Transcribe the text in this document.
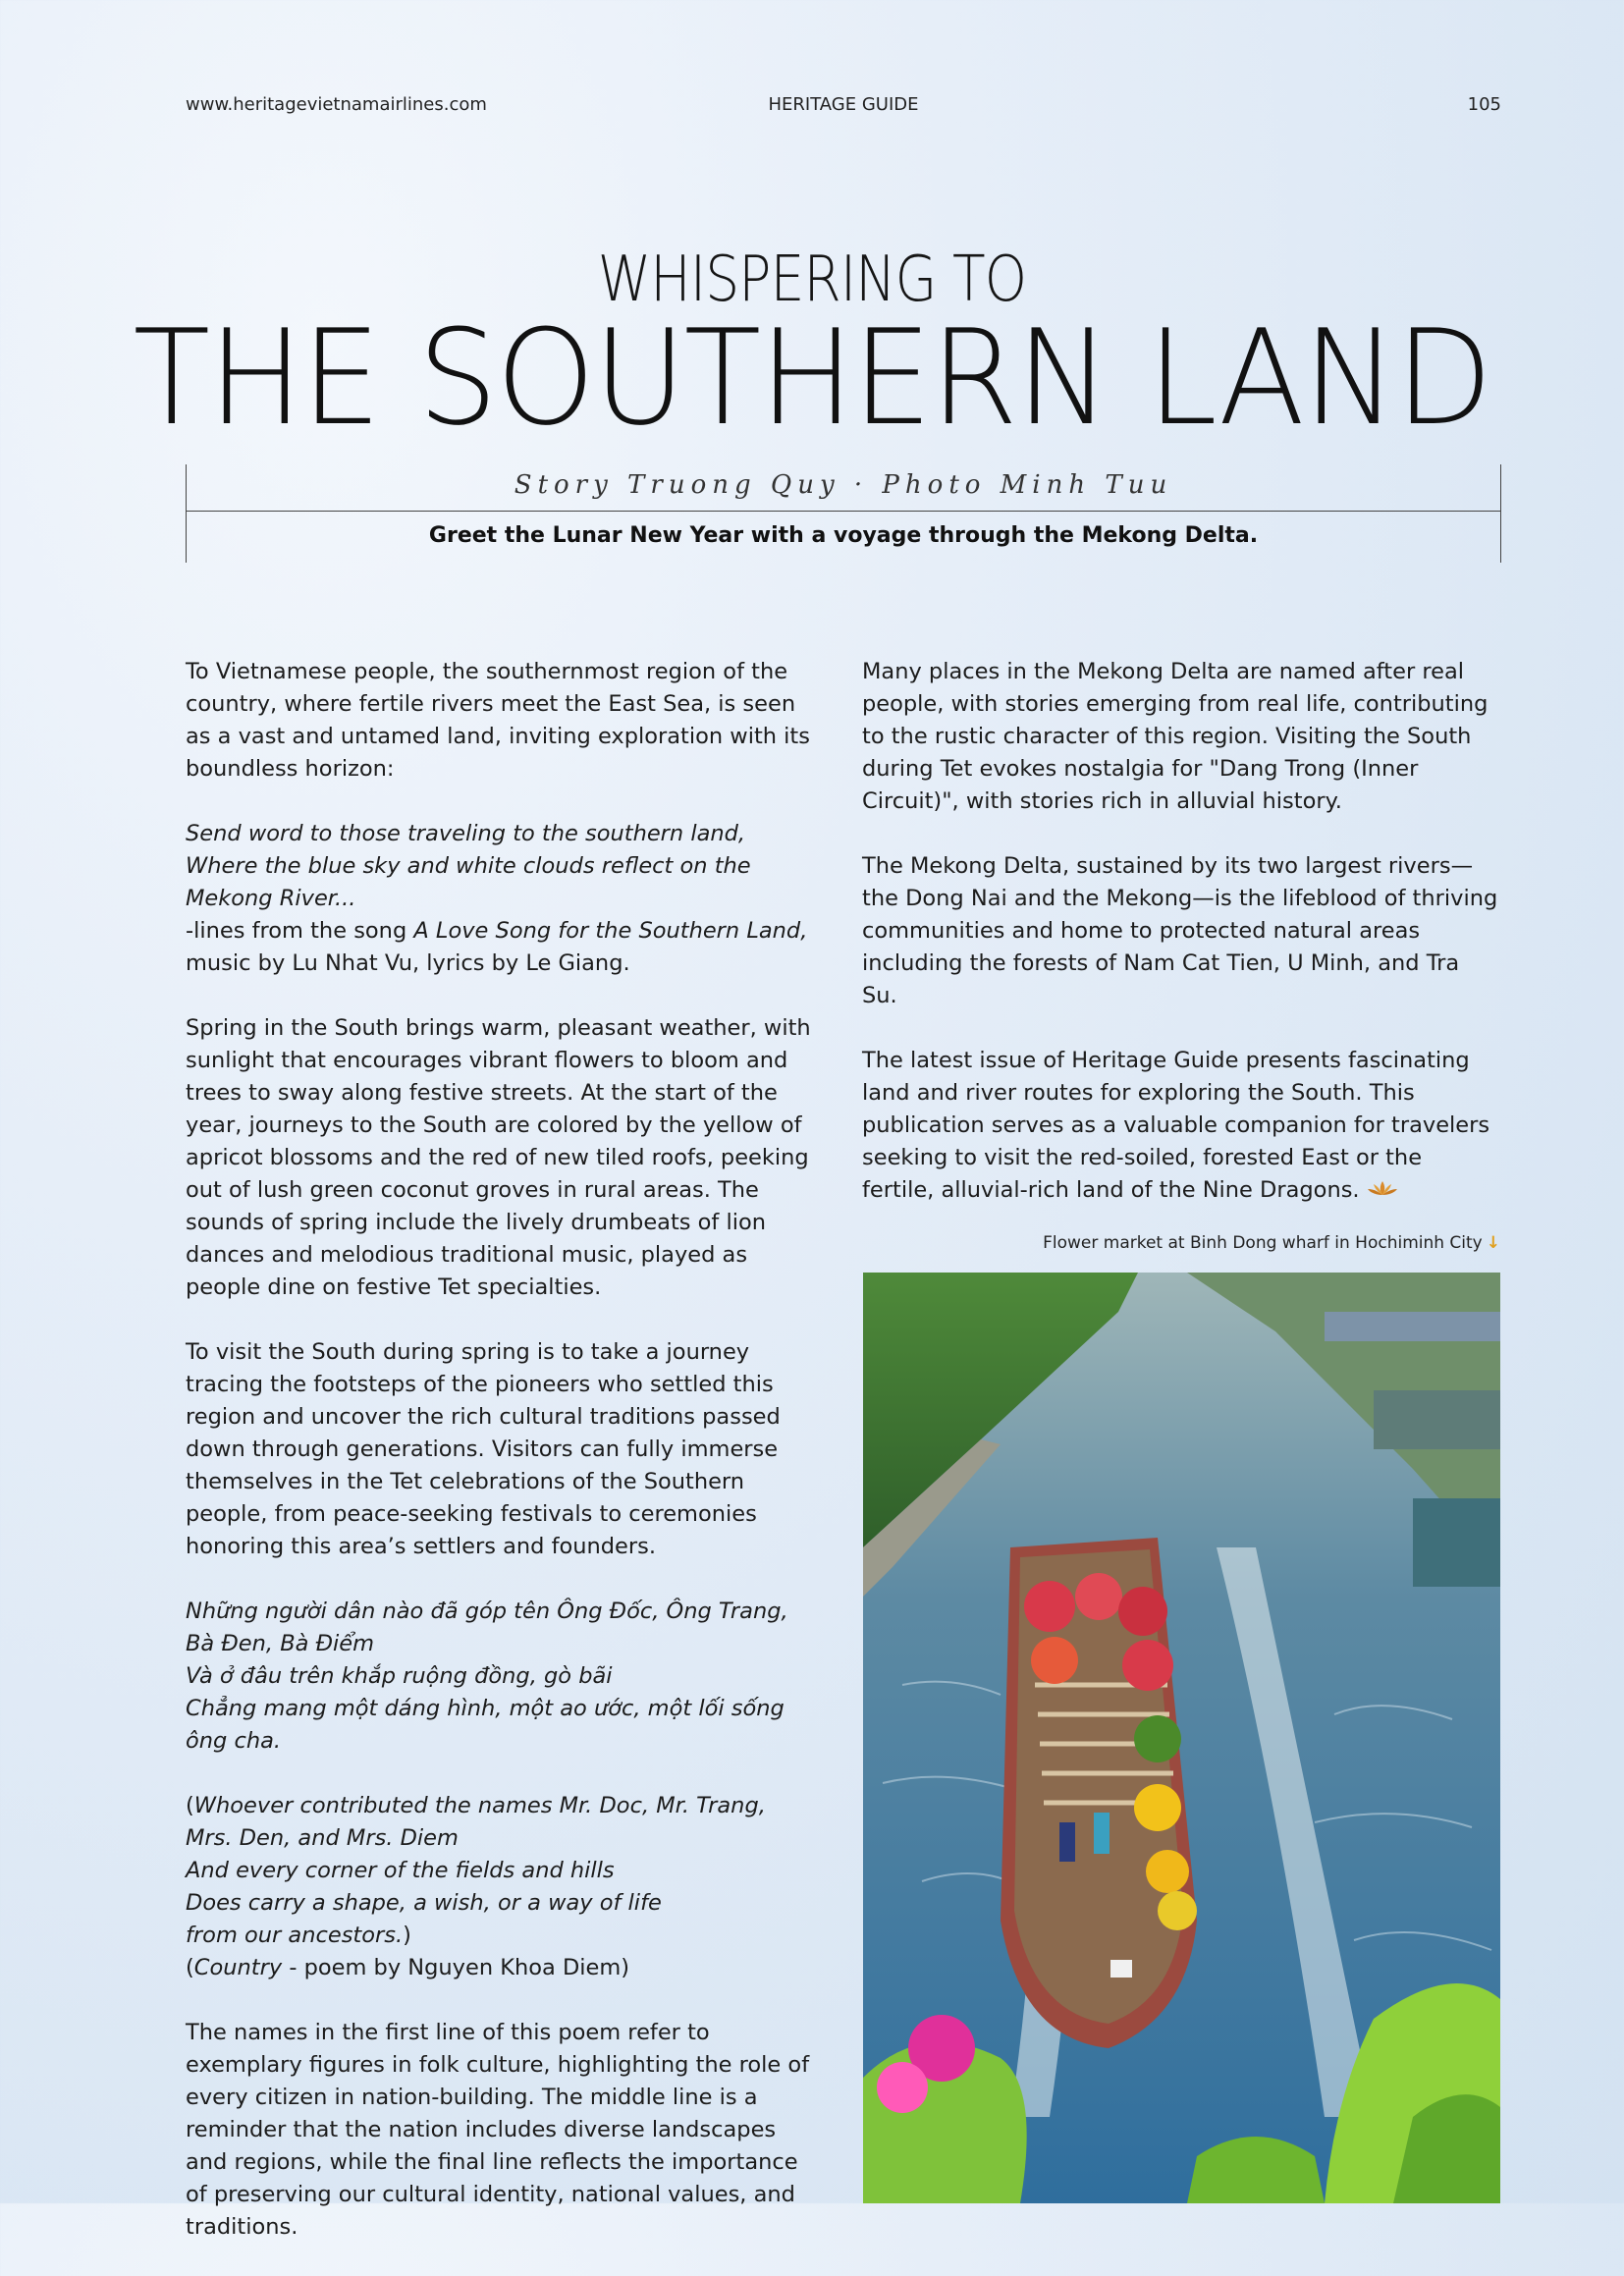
www.heritagevietnamairlines.com	HERITAGE GUIDE	105
WHISPERING TO
THE SOUTHERN LAND
Story Truong Quy · Photo Minh Tuu
Greet the Lunar New Year with a voyage through the Mekong Delta.

To Vietnamese people, the southernmost region of the country, where fertile rivers meet the East Sea, is seen as a vast and untamed land, inviting exploration with its boundless horizon:

Send word to those traveling to the southern land,
Where the blue sky and white clouds reflect on the
Mekong River...
-lines from the song A Love Song for the Southern Land, music by Lu Nhat Vu, lyrics by Le Giang.

Spring in the South brings warm, pleasant weather, with sunlight that encourages vibrant flowers to bloom and trees to sway along festive streets. At the start of the year, journeys to the South are colored by the yellow of apricot blossoms and the red of new tiled roofs, peeking out of lush green coconut groves in rural areas. The sounds of spring include the lively drumbeats of lion dances and melodious traditional music, played as people dine on festive Tet specialties.

To visit the South during spring is to take a journey tracing the footsteps of the pioneers who settled this region and uncover the rich cultural traditions passed down through generations. Visitors can fully immerse themselves in the Tet celebrations of the Southern people, from peace-seeking festivals to ceremonies honoring this area’s settlers and founders.

Những người dân nào đã góp tên Ông Đốc, Ông Trang,
Bà Đen, Bà Điểm
Và ở đâu trên khắp ruộng đồng, gò bãi
Chẳng mang một dáng hình, một ao ước, một lối sống ông cha.

(Whoever contributed the names Mr. Doc, Mr. Trang,
Mrs. Den, and Mrs. Diem
And every corner of the fields and hills
Does carry a shape, a wish, or a way of life
from our ancestors.)
(Country - poem by Nguyen Khoa Diem)

The names in the first line of this poem refer to exemplary figures in folk culture, highlighting the role of every citizen in nation-building. The middle line is a reminder that the nation includes diverse landscapes and regions, while the final line reflects the importance of preserving our cultural identity, national values, and traditions.

Many places in the Mekong Delta are named after real people, with stories emerging from real life, contributing to the rustic character of this region. Visiting the South during Tet evokes nostalgia for "Dang Trong (Inner Circuit)", with stories rich in alluvial history.

The Mekong Delta, sustained by its two largest rivers—the Dong Nai and the Mekong—is the lifeblood of thriving communities and home to protected natural areas including the forests of Nam Cat Tien, U Minh, and Tra Su.

The latest issue of Heritage Guide presents fascinating land and river routes for exploring the South. This publication serves as a valuable companion for travelers seeking to visit the red-soiled, forested East or the fertile, alluvial-rich land of the Nine Dragons.

Flower market at Binh Dong wharf in Hochiminh City ↓
